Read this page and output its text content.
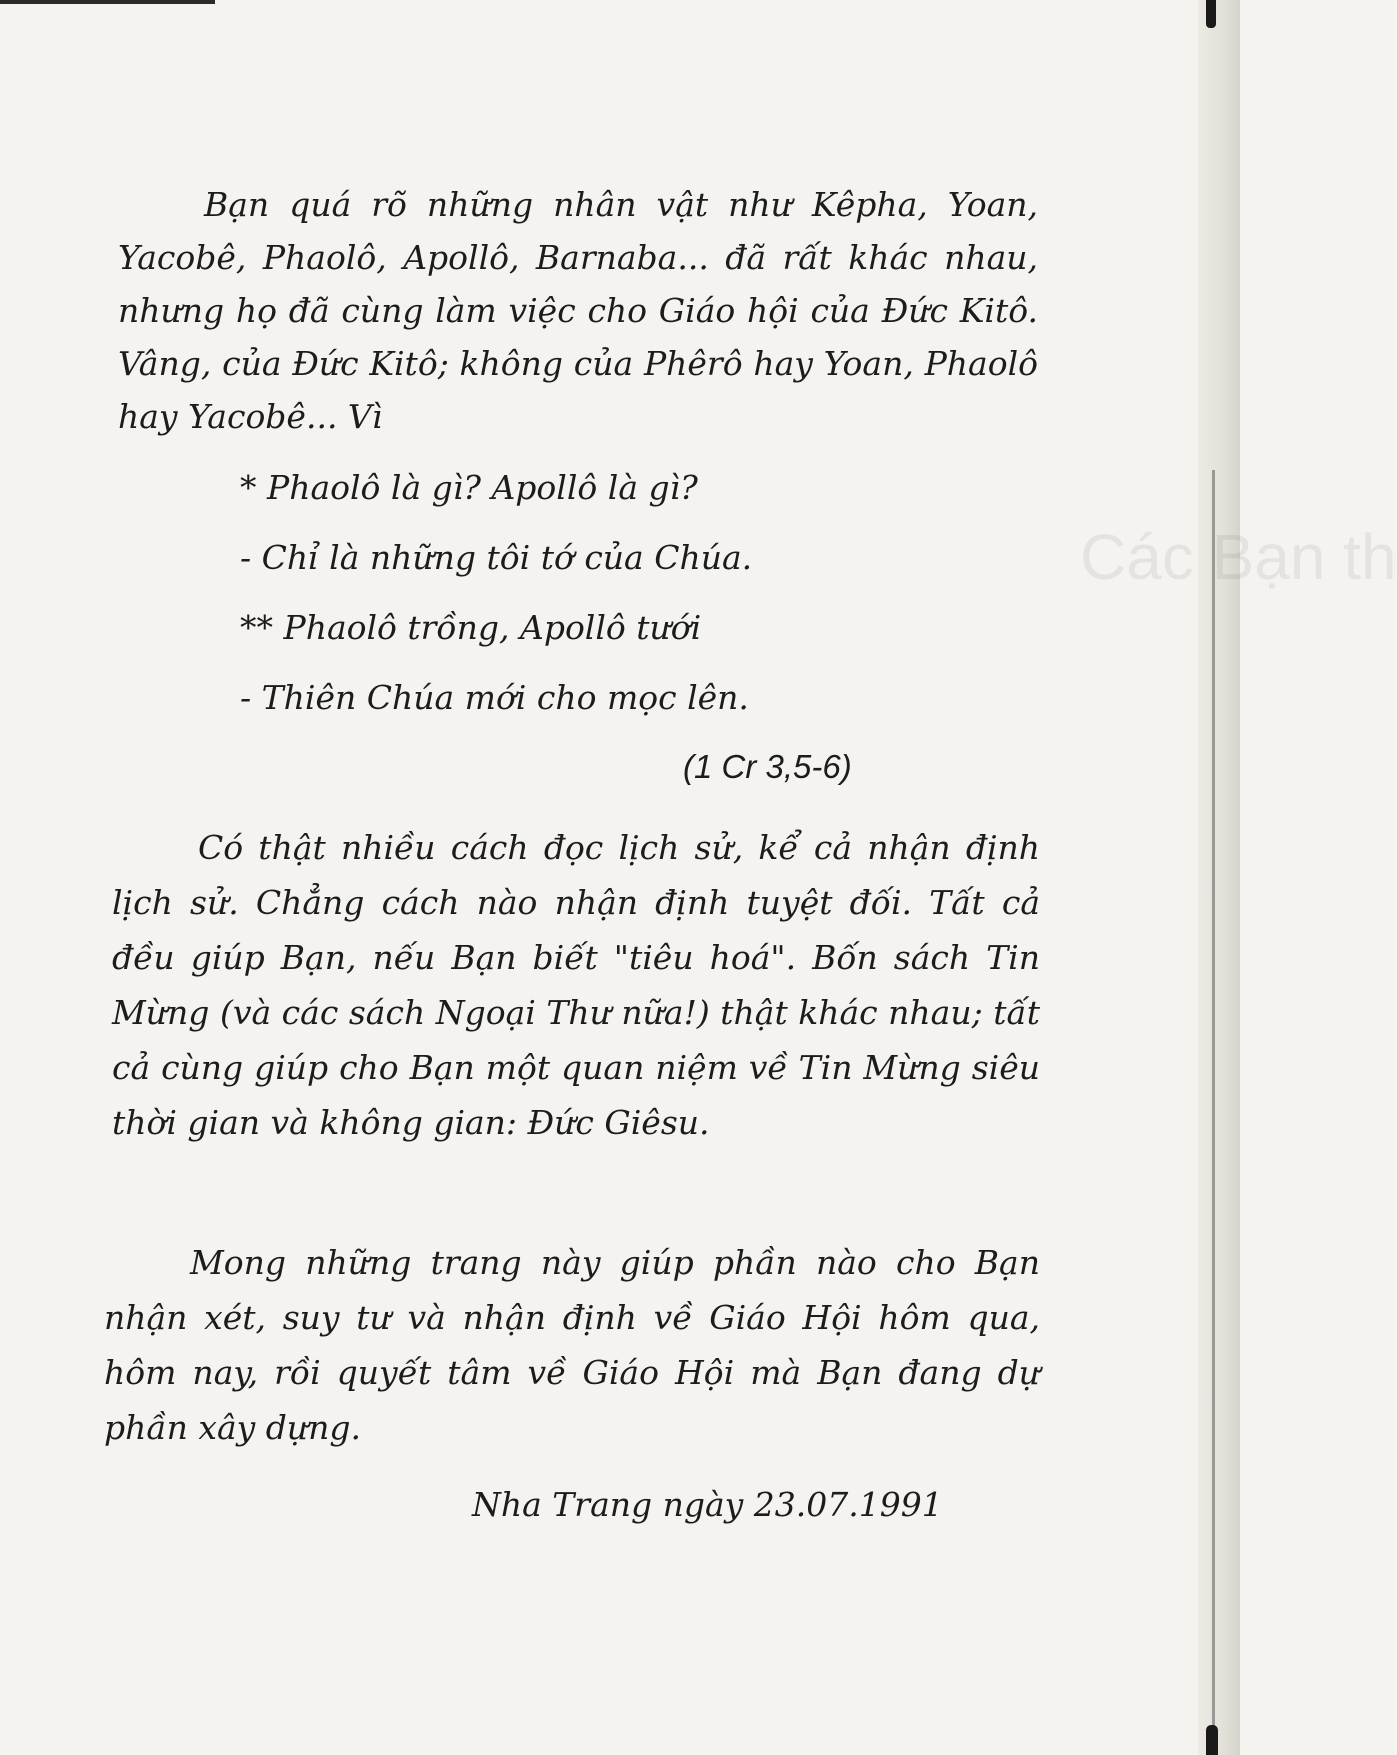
Các Bạn th

Bạn quá rõ những nhân vật như Kêpha, Yoan, Yacobê, Phaolô, Apollô, Barnaba... đã rất khác nhau, nhưng họ đã cùng làm việc cho Giáo hội của Đức Kitô. Vâng, của Đức Kitô; không của Phêrô hay Yoan, Phaolô hay Yacobê... Vì

* Phaolô là gì? Apollô là gì?

- Chỉ là những tôi tớ của Chúa.

** Phaolô trồng, Apollô tưới

- Thiên Chúa mới cho mọc lên.

(1 Cr 3,5-6)

Có thật nhiều cách đọc lịch sử, kể cả nhận định lịch sử. Chẳng cách nào nhận định tuyệt đối. Tất cả đều giúp Bạn, nếu Bạn biết "tiêu hoá". Bốn sách Tin Mừng (và các sách Ngoại Thư nữa!) thật khác nhau; tất cả cùng giúp cho Bạn một quan niệm về Tin Mừng siêu thời gian và không gian: Đức Giêsu.

Mong những trang này giúp phần nào cho Bạn nhận xét, suy tư và nhận định về Giáo Hội hôm qua, hôm nay, rồi quyết tâm về Giáo Hội mà Bạn đang dự phần xây dựng.

Nha Trang ngày 23.07.1991
